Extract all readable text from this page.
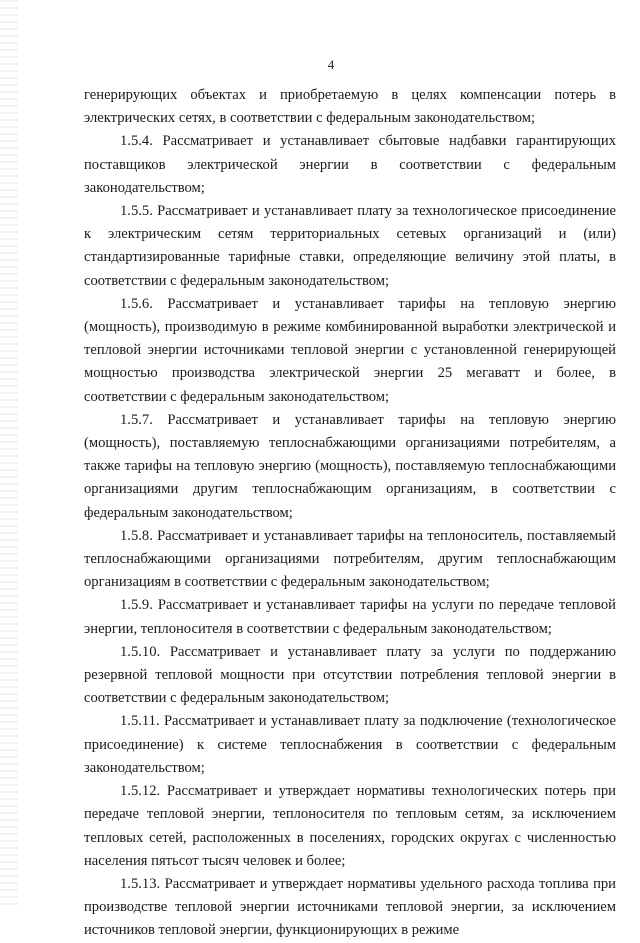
4

генерирующих объектах и приобретаемую в целях компенсации потерь в электрических сетях, в соответствии с федеральным законодательством;

1.5.4. Рассматривает и устанавливает сбытовые надбавки гарантирующих поставщиков электрической энергии в соответствии с федеральным законодательством;

1.5.5. Рассматривает и устанавливает плату за технологическое присоединение к электрическим сетям территориальных сетевых организаций и (или) стандартизированные тарифные ставки, определяющие величину этой платы, в соответствии с федеральным законодательством;

1.5.6. Рассматривает и устанавливает тарифы на тепловую энергию (мощность), производимую в режиме комбинированной выработки электрической и тепловой энергии источниками тепловой энергии с установленной генерирующей мощностью производства электрической энергии 25 мегаватт и более, в соответствии с федеральным законодательством;

1.5.7. Рассматривает и устанавливает тарифы на тепловую энергию (мощность), поставляемую теплоснабжающими организациями потребителям, а также тарифы на тепловую энергию (мощность), поставляемую теплоснабжающими организациями другим теплоснабжающим организациям, в соответствии с федеральным законодательством;

1.5.8. Рассматривает и устанавливает тарифы на теплоноситель, поставляемый теплоснабжающими организациями потребителям, другим теплоснабжающим организациям в соответствии с федеральным законодательством;

1.5.9. Рассматривает и устанавливает тарифы на услуги по передаче тепловой энергии, теплоносителя в соответствии с федеральным законодательством;

1.5.10. Рассматривает и устанавливает плату за услуги по поддержанию резервной тепловой мощности при отсутствии потребления тепловой энергии в соответствии с федеральным законодательством;

1.5.11. Рассматривает и устанавливает плату за подключение (технологическое присоединение) к системе теплоснабжения в соответствии с федеральным законодательством;

1.5.12. Рассматривает и утверждает нормативы технологических потерь при передаче тепловой энергии, теплоносителя по тепловым сетям, за исключением тепловых сетей, расположенных в поселениях, городских округах с численностью населения пятьсот тысяч человек и более;

1.5.13. Рассматривает и утверждает нормативы удельного расхода топлива при производстве тепловой энергии источниками тепловой энергии, за исключением источников тепловой энергии, функционирующих в режиме
